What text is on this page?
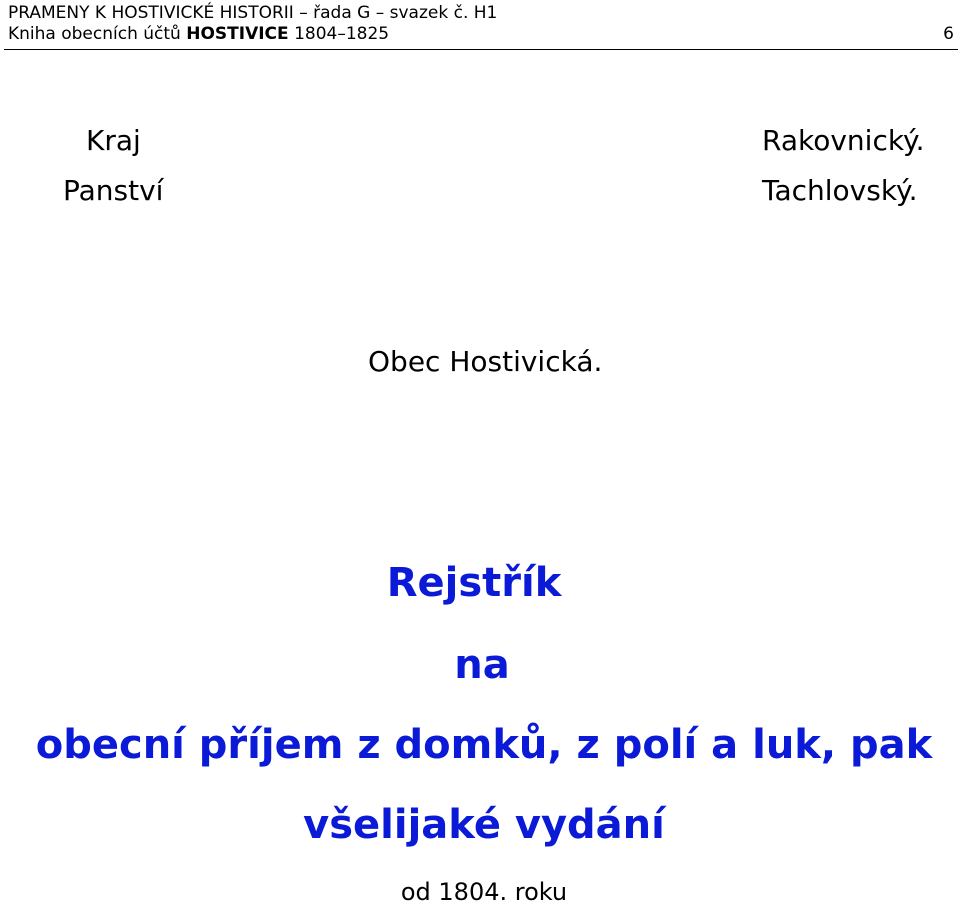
PRAMENY K HOSTIVICKÉ HISTORII – řada G – svazek č. H1
Kniha obecních účtů HOSTIVICE 1804–1825	6
Kraj	Rakovnický.
Panství	Tachlovský.
Obec Hostivická.
Rejstřík
na
obecní příjem z domků, z polí a luk, pak
všelijaké vydání
od 1804. roku
